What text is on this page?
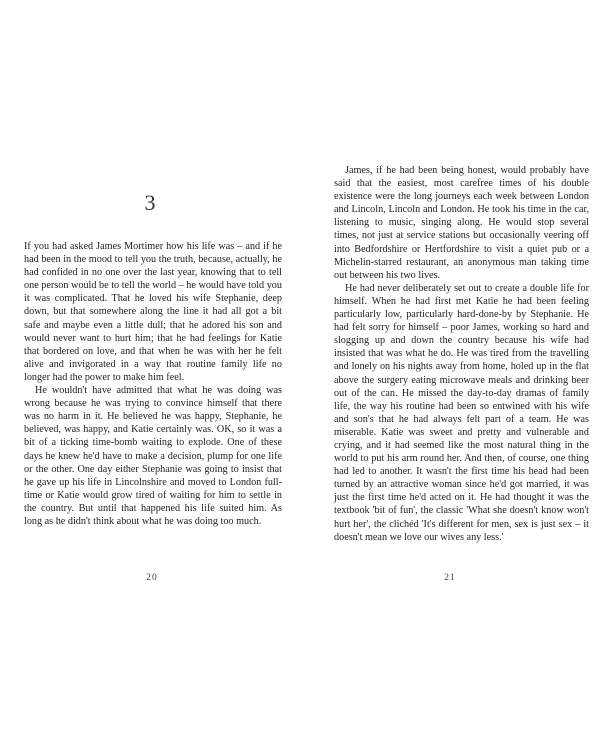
3

If you had asked James Mortimer how his life was – and if he had been in the mood to tell you the truth, because, actually, he had confided in no one over the last year, knowing that to tell one person would be to tell the world – he would have told you it was complicated. That he loved his wife Stephanie, deep down, but that somewhere along the line it had all got a bit safe and maybe even a little dull; that he adored his son and would never want to hurt him; that he had feelings for Katie that bordered on love, and that when he was with her he felt alive and invigorated in a way that routine family life no longer had the power to make him feel.

He wouldn't have admitted that what he was doing was wrong because he was trying to convince himself that there was no harm in it. He believed he was happy, Stephanie, he believed, was happy, and Katie certainly was. OK, so it was a bit of a ticking time-bomb waiting to explode. One of these days he knew he'd have to make a decision, plump for one life or the other. One day either Stephanie was going to insist that he gave up his life in Lincolnshire and moved to London full-time or Katie would grow tired of waiting for him to settle in the country. But until that happened his life suited him. As long as he didn't think about what he was doing too much.

20

James, if he had been being honest, would probably have said that the easiest, most carefree times of his double existence were the long journeys each week between London and Lincoln, Lincoln and London. He took his time in the car, listening to music, singing along. He would stop several times, not just at service stations but occasionally veering off into Bedfordshire or Hertfordshire to visit a quiet pub or a Michelin-starred restaurant, an anonymous man taking time out between his two lives.

He had never deliberately set out to create a double life for himself. When he had first met Katie he had been feeling particularly low, particularly hard-done-by by Stephanie. He had felt sorry for himself – poor James, working so hard and slogging up and down the country because his wife had insisted that was what he do. He was tired from the travelling and lonely on his nights away from home, holed up in the flat above the surgery eating microwave meals and drinking beer out of the can. He missed the day-to-day dramas of family life, the way his routine had been so entwined with his wife and son's that he had always felt part of a team. He was miserable. Katie was sweet and pretty and vulnerable and crying, and it had seemed like the most natural thing in the world to put his arm round her. And then, of course, one thing had led to another. It wasn't the first time his head had been turned by an attractive woman since he'd got married, it was just the first time he'd acted on it. He had thought it was the textbook 'bit of fun', the classic 'What she doesn't know won't hurt her', the clichéd 'It's different for men, sex is just sex – it doesn't mean we love our wives any less.'

21
